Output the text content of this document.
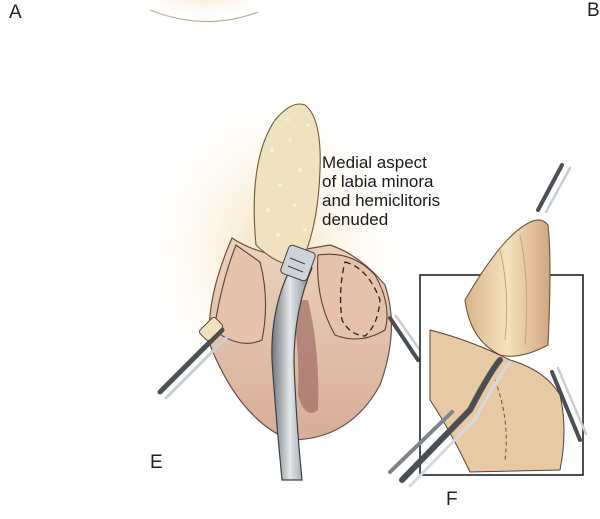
A	B
E
F
Medial aspect
of labia minora
and hemiclitoris
denuded
